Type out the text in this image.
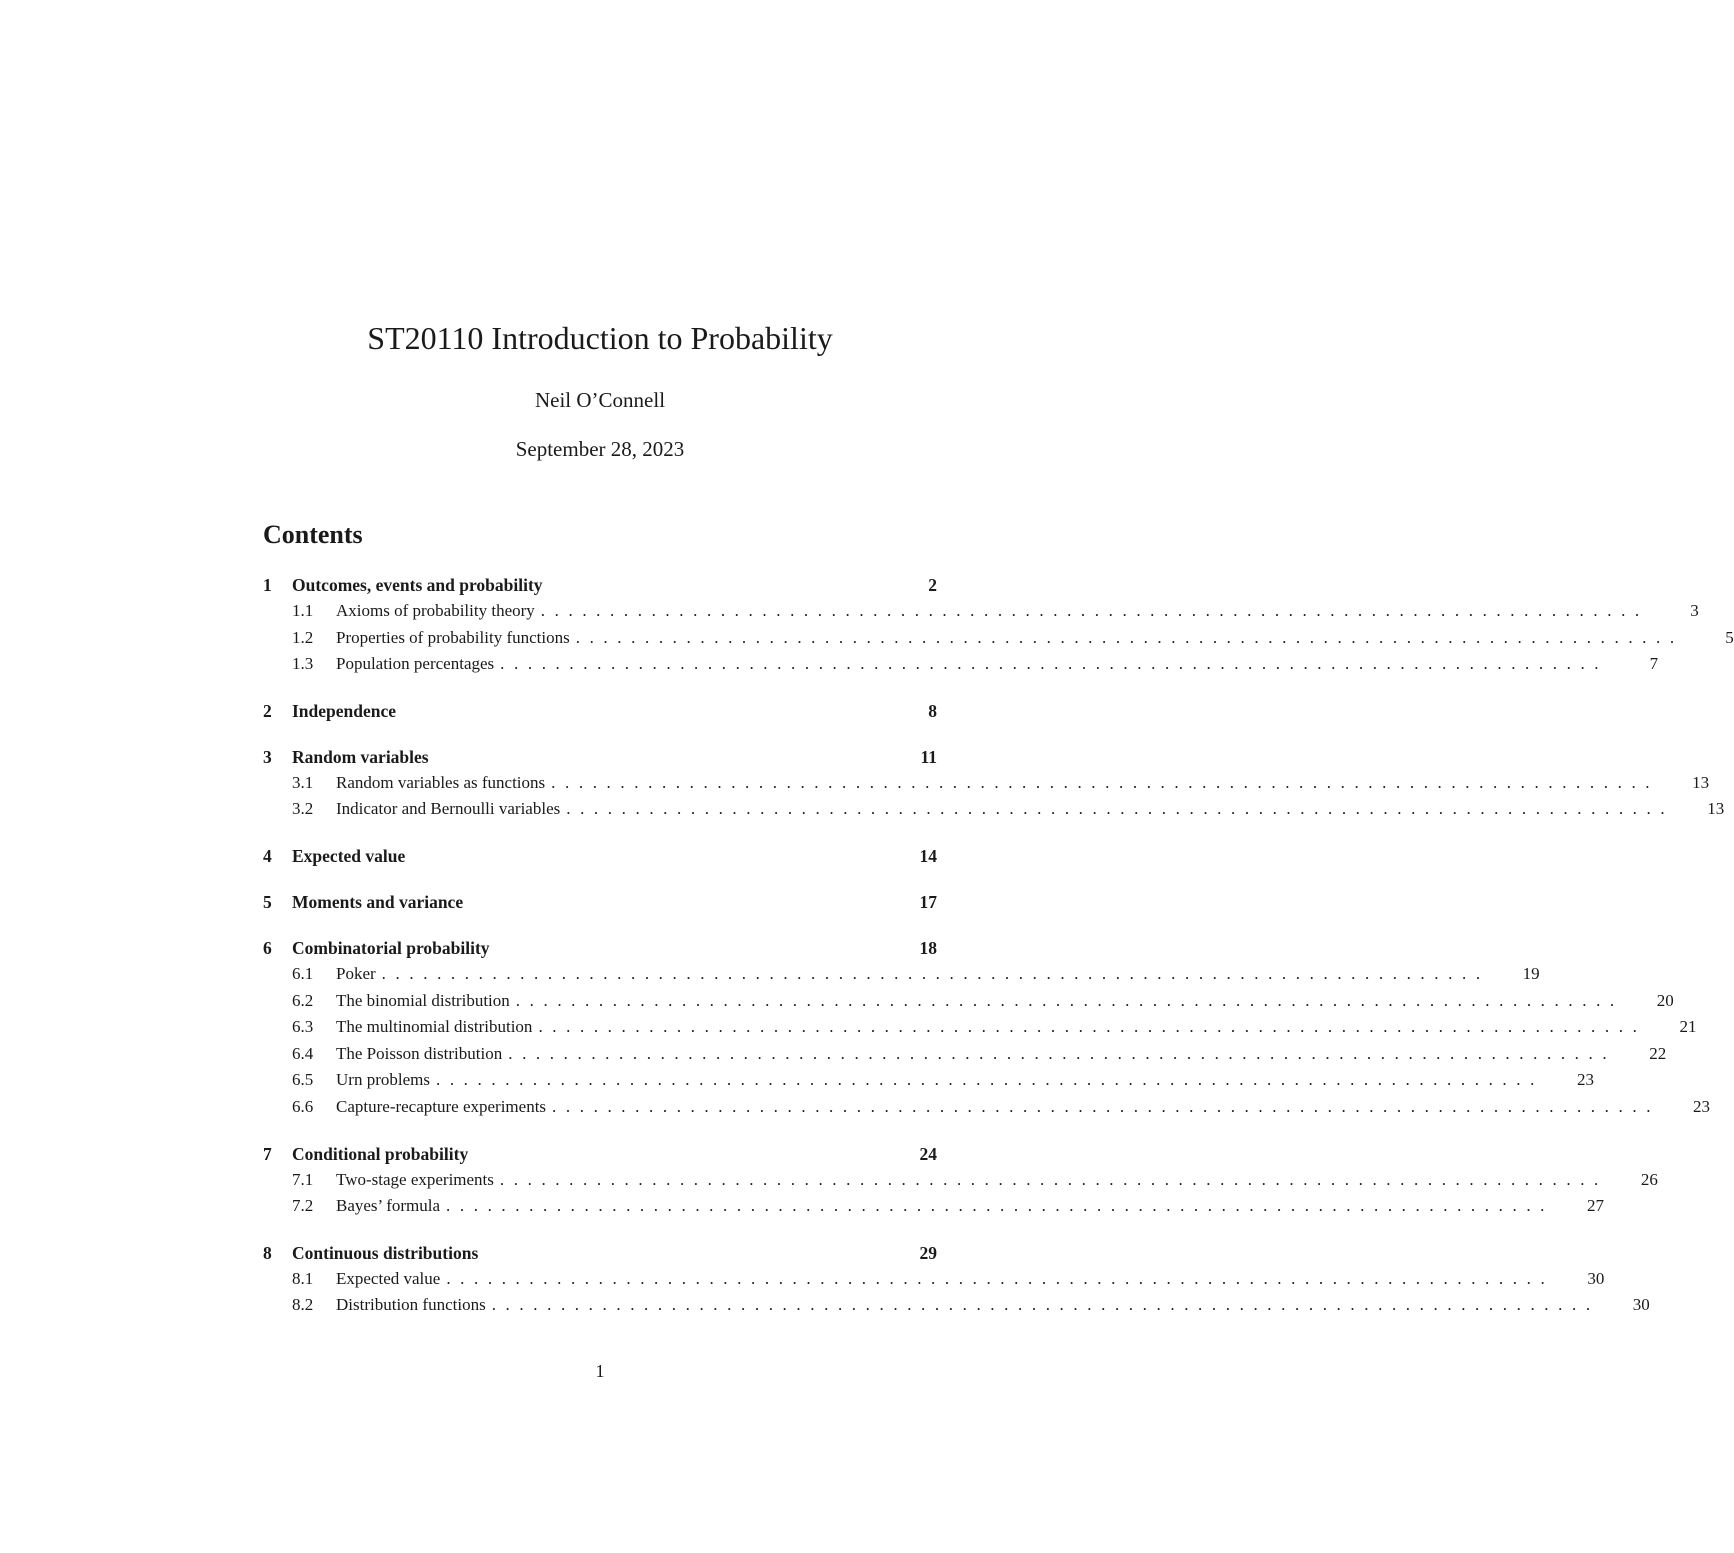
ST20110 Introduction to Probability
Neil O’Connell
September 28, 2023
Contents
1	Outcomes, events and probability	2
1.1	Axioms of probability theory ................................................................................	3
1.2	Properties of probability functions ................................................................................	5
1.3	Population percentages ................................................................................	7
2	Independence	8
3	Random variables	11
3.1	Random variables as functions ................................................................................	13
3.2	Indicator and Bernoulli variables ................................................................................	13
4	Expected value	14
5	Moments and variance	17
6	Combinatorial probability	18
6.1	Poker ................................................................................	19
6.2	The binomial distribution ................................................................................	20
6.3	The multinomial distribution ................................................................................	21
6.4	The Poisson distribution ................................................................................	22
6.5	Urn problems ................................................................................	23
6.6	Capture-recapture experiments ................................................................................	23
7	Conditional probability	24
7.1	Two-stage experiments ................................................................................	26
7.2	Bayes’ formula ................................................................................	27
8	Continuous distributions	29
8.1	Expected value ................................................................................	30
8.2	Distribution functions ................................................................................	30
1
